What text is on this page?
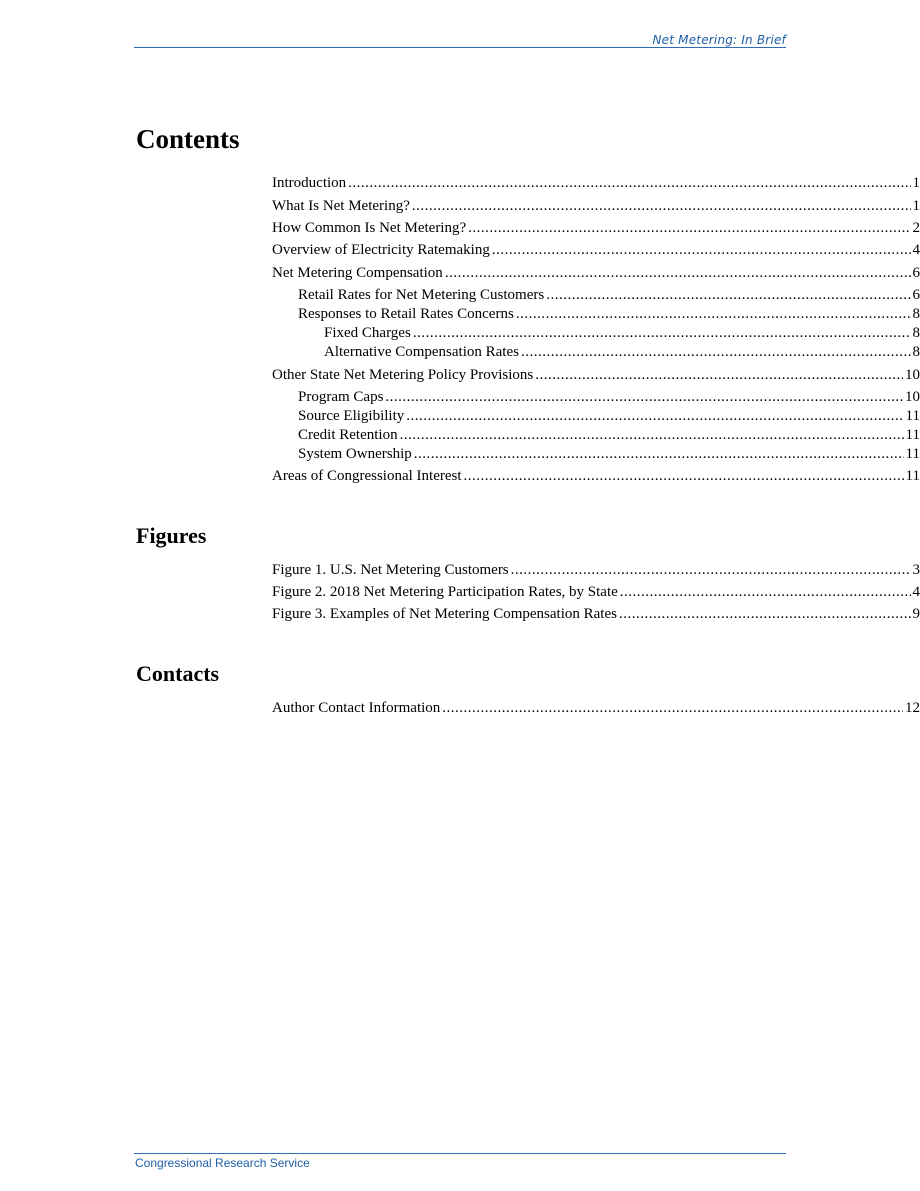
Net Metering: In Brief
Contents
Introduction .....	1
What Is Net Metering? .....	1
How Common Is Net Metering? .....	2
Overview of Electricity Ratemaking .....	4
Net Metering Compensation .....	6
Retail Rates for Net Metering Customers .....	6
Responses to Retail Rates Concerns .....	8
Fixed Charges .....	8
Alternative Compensation Rates .....	8
Other State Net Metering Policy Provisions .....	10
Program Caps .....	10
Source Eligibility .....	11
Credit Retention .....	11
System Ownership .....	11
Areas of Congressional Interest .....	11
Figures
Figure 1. U.S. Net Metering Customers .....	3
Figure 2. 2018 Net Metering Participation Rates, by State .....	4
Figure 3. Examples of Net Metering Compensation Rates .....	9
Contacts
Author Contact Information .....	12
Congressional Research Service
